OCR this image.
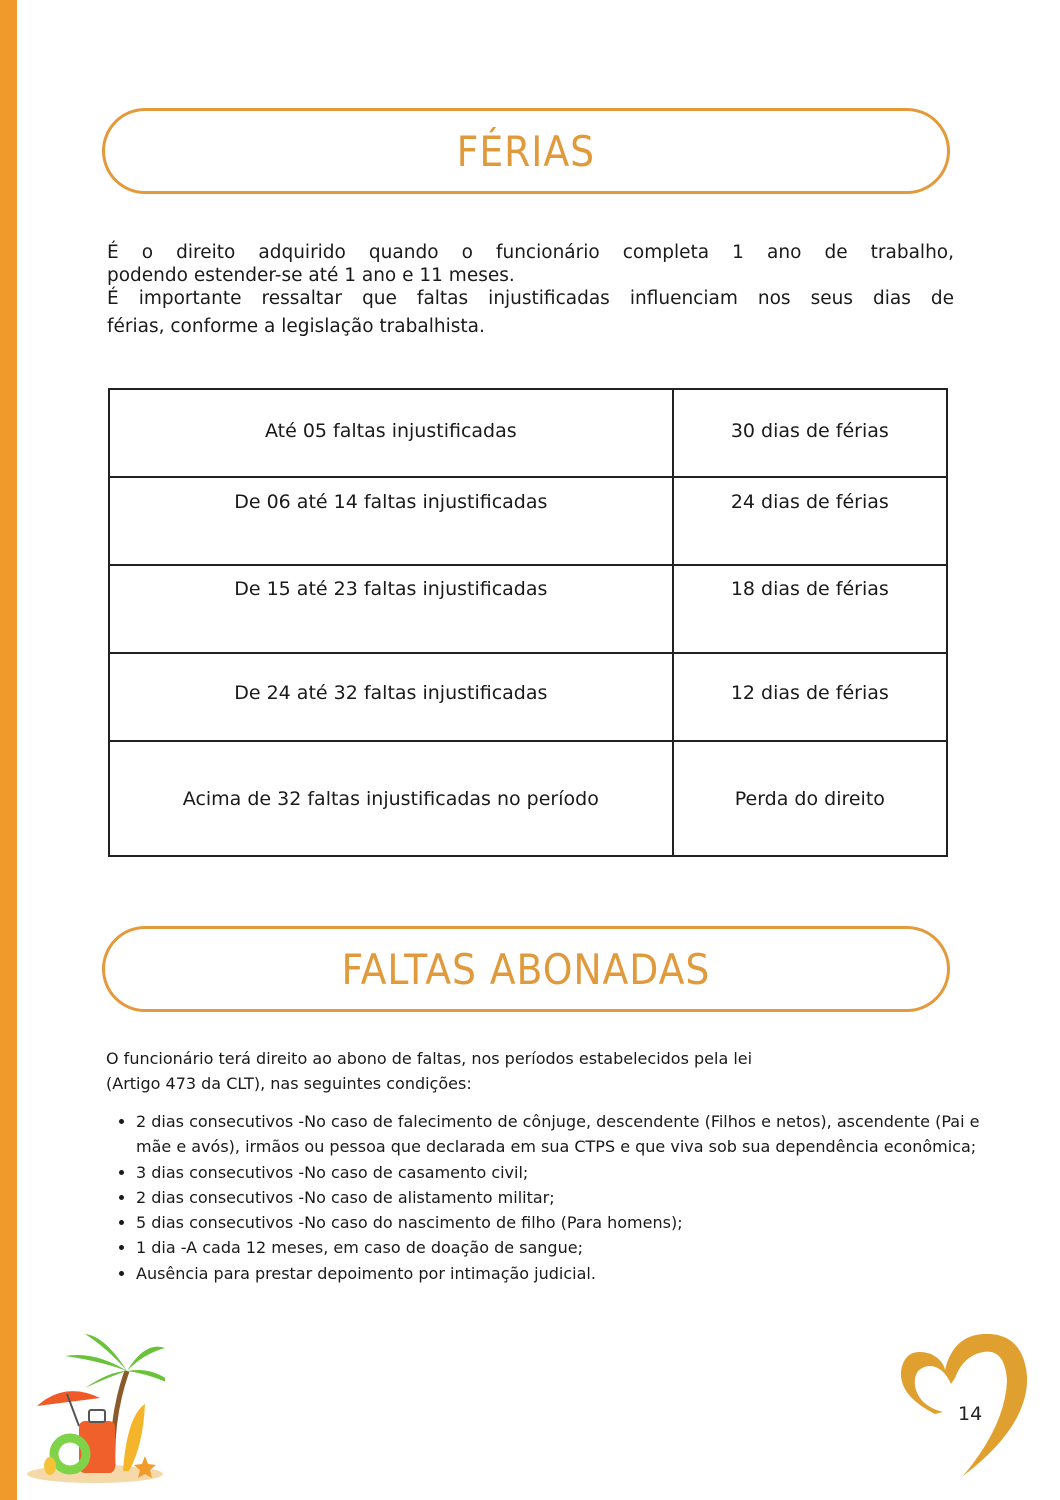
FÉRIAS
É o direito adquirido quando o funcionário completa 1 ano de trabalho,
podendo estender-se até 1 ano e 11 meses.
É importante ressaltar que faltas injustificadas influenciam nos seus dias de
férias, conforme a legislação trabalhista.
Até 05 faltas injustificadas	30 dias de férias

De 06 até 14 faltas injustificadas	24 dias de férias

De 15 até 23 faltas injustificadas	18 dias de férias

De 24 até 32 faltas injustificadas	12 dias de férias

Acima de 32 faltas injustificadas no período	Perda do direito
FALTAS ABONADAS
O funcionário terá direito ao abono de faltas, nos períodos estabelecidos pela lei
(Artigo 473 da CLT), nas seguintes condições:
• 2 dias consecutivos -No caso de falecimento de cônjuge, descendente (Filhos e netos), ascendente (Pai e mãe e avós), irmãos ou pessoa que declarada em sua CTPS e que viva sob sua dependência econômica;
• 3 dias consecutivos -No caso de casamento civil;
• 2 dias consecutivos -No caso de alistamento militar;
• 5 dias consecutivos -No caso do nascimento de filho (Para homens);
• 1 dia -A cada 12 meses, em caso de doação de sangue;
• Ausência para prestar depoimento por intimação judicial.
14
